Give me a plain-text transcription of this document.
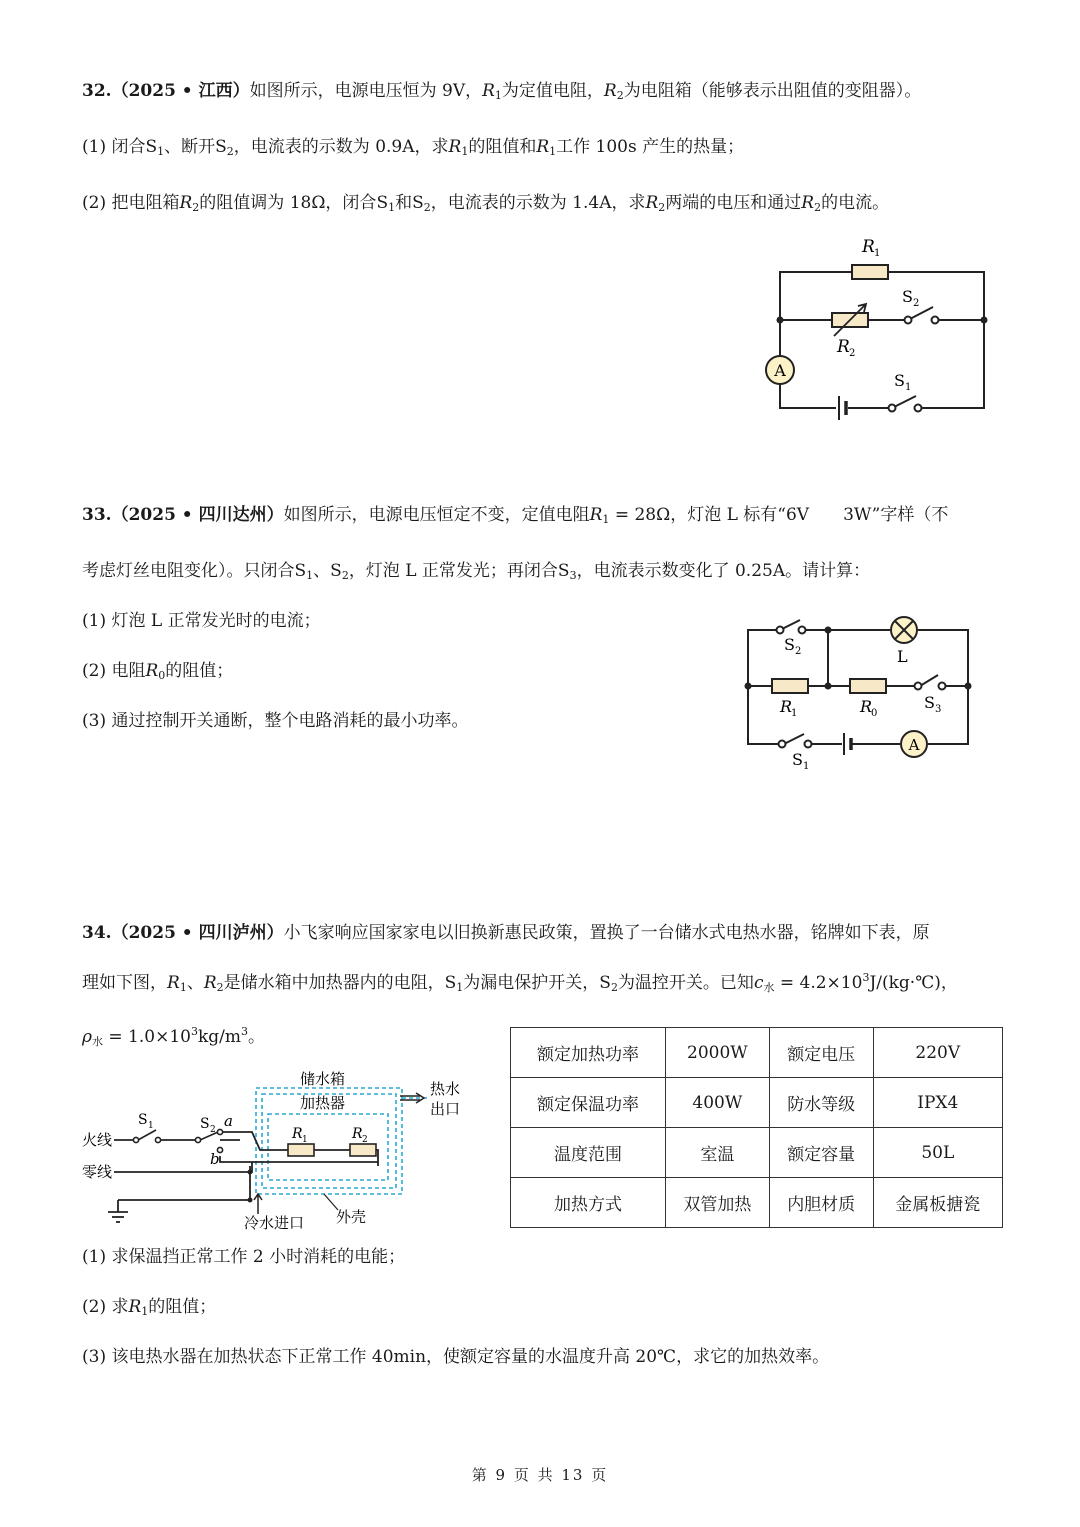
32.（2025 • 江西）如图所示，电源电压恒为 9V，$R_1$为定值电阻，$R_2$为电阻箱（能够表示出阻值的变阻器）。
(1) 闭合$S_1$、断开$S_2$，电流表的示数为 0.9A，求$R_1$的阻值和$R_1$工作 100s 产生的热量；
(2) 把电阻箱$R_2$的阻值调为 18Ω，闭合$S_1$和$S_2$，电流表的示数为 1.4A，求$R_2$两端的电压和通过$R_2$的电流。
A
R 1
R 2
S 2
S 1
33.（2025 • 四川达州）如图所示，电源电压恒定不变，定值电阻$R_1 = 28\Omega$，灯泡 L 标有“6V　　3W”字样（不
考虑灯丝电阻变化）。只闭合$S_1$、$S_2$，灯泡 L 正常发光；再闭合$S_3$，电流表示数变化了 0.25A。请计算：
(1) 灯泡 L 正常发光时的电流；
(2) 电阻$R_0$的阻值；
(3) 通过控制开关通断，整个电路消耗的最小功率。
A
S 2	L
R
1	R
0
S 3
S 1
34.（2025 • 四川泸州）小飞家响应国家家电以旧换新惠民政策，置换了一台储水式电热水器，铭牌如下表，原
理如下图，$R_1$、$R_2$是储水箱中加热器内的电阻，$S_1$为漏电保护开关，$S_2$为温控开关。已知$c_水$ = $4.2\times 10^3J/(kg\cdot℃)$，
$\rho_水 = 1.0\times 10^3kg/m^3$。
储水箱
加热器
热水
出口
火线
零线
冷水进口 外壳
S 1	S 2 a
b
R 1	R 2
额定加热功率	2000W	额定电压	220V
额定保温功率	400W	防水等级	IPX4
温度范围	室温	额定容量	50L
加热方式	双管加热	内胆材质	金属板搪瓷
(1) 求保温挡正常工作 2 小时消耗的电能；
(2) 求$R_1$的阻值；
(3) 该电热水器在加热状态下正常工作 40min，使额定容量的水温度升高 20℃，求它的加热效率。
第 9 页 共 13 页
